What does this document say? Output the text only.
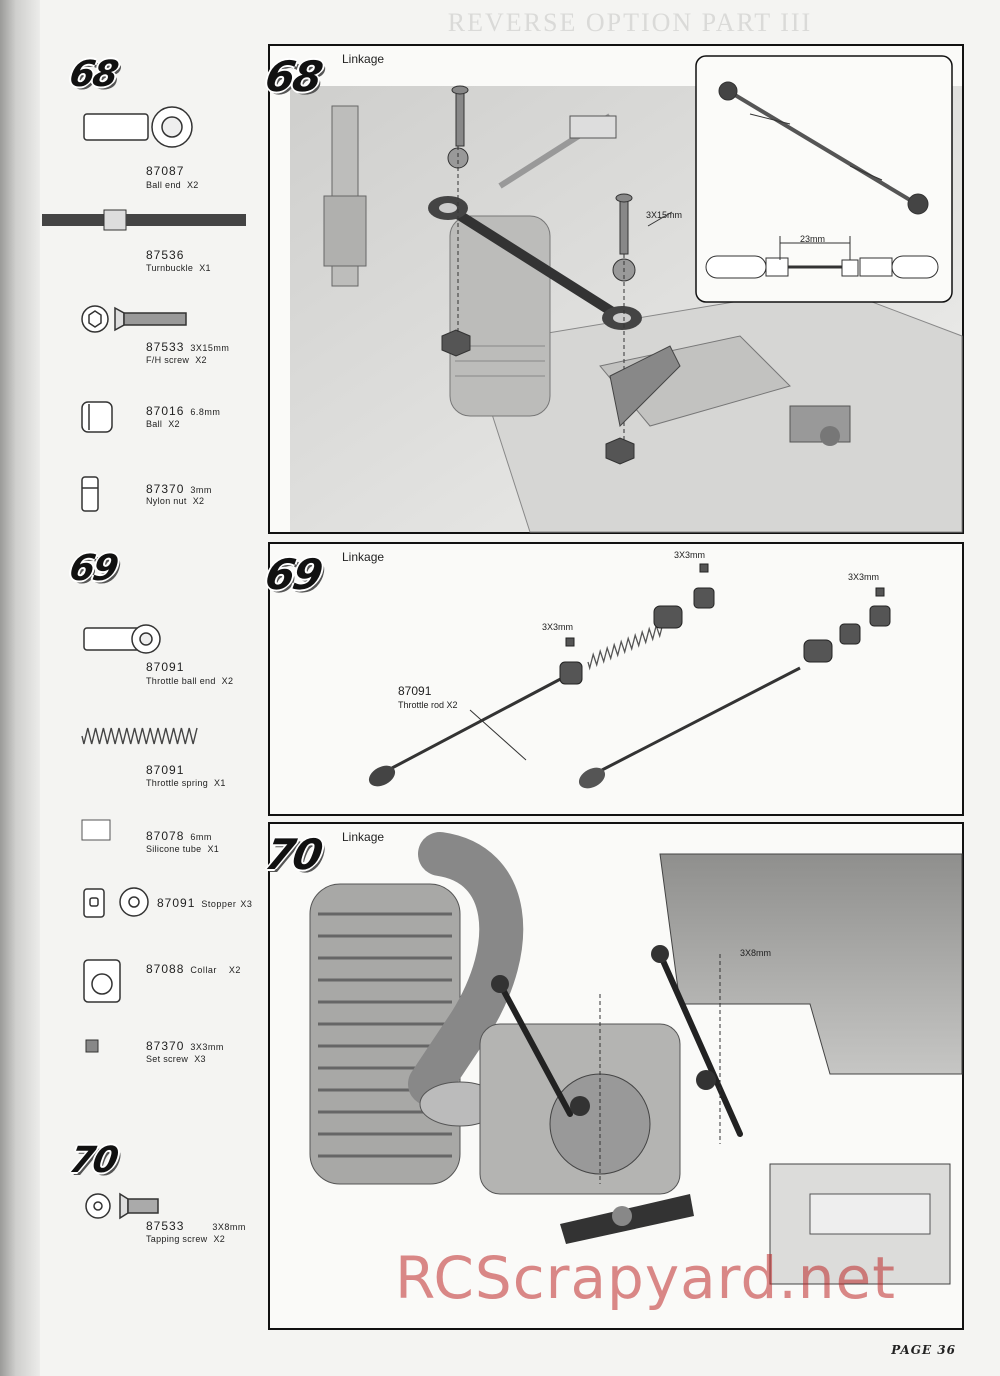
REVERSE OPTION PART III
68
87087
Ball end X2
87536
Turnbuckle X1
87533 3X15mm
F/H screw X2
87016 6.8mm
Ball X2
87370 3mm
Nylon nut X2
69
87091
Throttle ball end X2
87091
Throttle spring X1
87078 6mm
Silicone tube X1
87091 Stopper X3
87088 Collar X2
87370 3X3mm
Set screw X3
70
87533	3X8mm
Tapping screw X2
68 Linkage
3X15mm
23mm
69 Linkage	3X3mm
3X3mm
3X3mm
87091
Throttle rod X2
70 Linkage
3X8mm
RCScrapyard.net
PAGE 36
